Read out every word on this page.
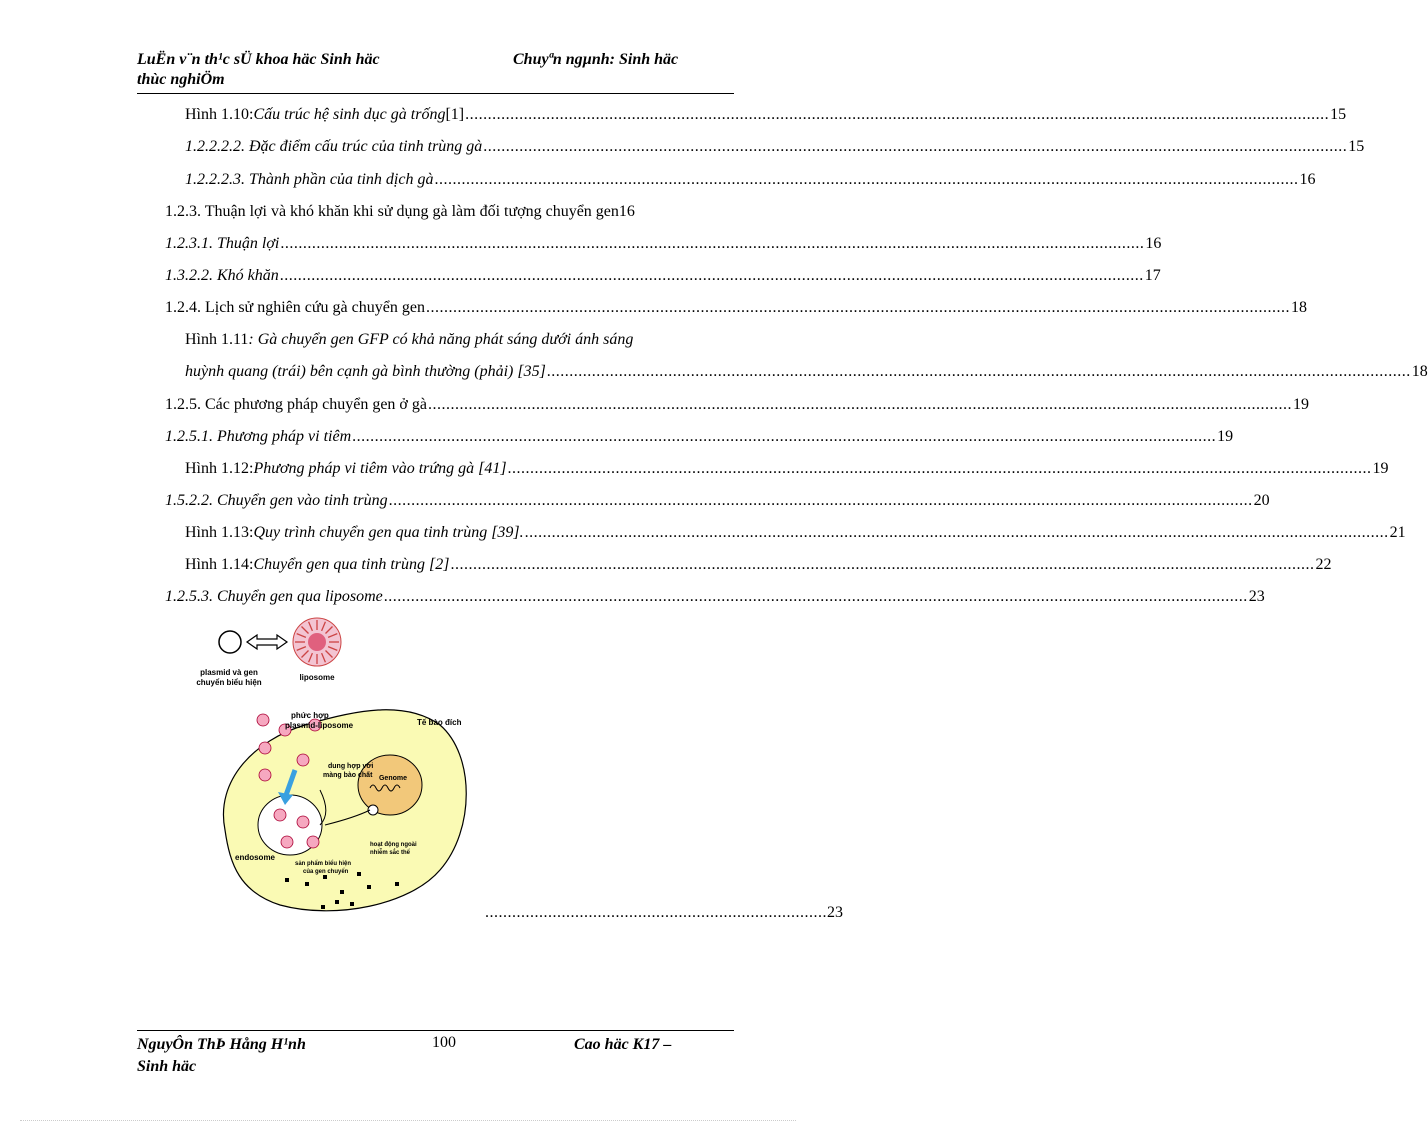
LuËn v¨n th¹c sÜ khoa häc Sinh häc
thùc nghiÖm
Chuyªn ngµnh: Sinh häc
Hình 1.10: Cấu trúc hệ sinh dục gà trống [1] .....	15
1.2.2.2.2. Đặc điểm cấu trúc của tinh trùng gà .....	15
1.2.2.2.3. Thành phần của tinh dịch gà .....	16
1.2.3. Thuận lợi và khó khăn khi sử dụng gà làm đối tượng chuyển gen 16
1.2.3.1. Thuận lợi .....	16
1.3.2.2. Khó khăn .....	17
1.2.4. Lịch sử nghiên cứu gà chuyển gen .....	18
Hình 1.11 : Gà chuyển gen GFP có khả năng phát sáng dưới ánh sáng
huỳnh quang (trái) bên cạnh gà bình thường (phải) [35] .....	18
1.2.5. Các phương pháp chuyển gen ở gà .....	19
1.2.5.1. Phương pháp vi tiêm .....	19
Hình 1.12: Phương pháp vi tiêm vào trứng gà [41] .....	19
1.5.2.2. Chuyển gen vào tinh trùng .....	20
Hình 1.13: Quy trình chuyển gen qua tinh trùng [39]. .....	21
Hình 1.14: Chuyển gen qua tinh trùng [2] .....	22
1.2.5.3. Chuyển gen qua liposome .....	23
plasmid và gen
chuyển biểu hiện
liposome
Tế bào đích
Genome
endosome
phức hợp
plasmid-liposome
dung hợp với
màng bào chất
sản phẩm biểu hiện
của gen chuyển
hoạt động ngoài
nhiễm sắc thể
............................................................................ 23
NguyÔn ThÞ Hång H¹nh
Sinh häc
100	Cao häc K17 –
